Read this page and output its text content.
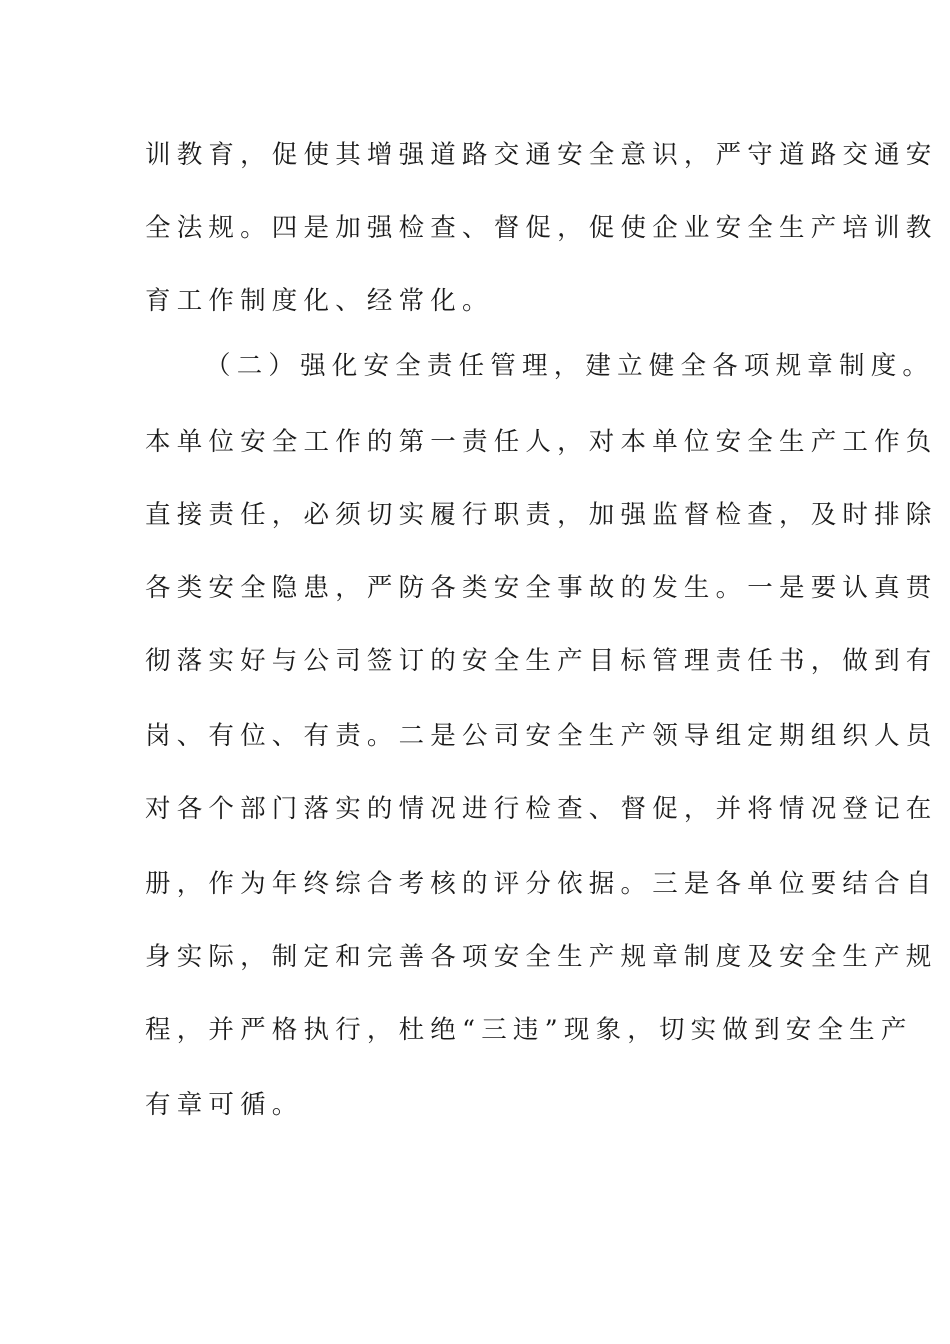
训教育，促使其增强道路交通安全意识，严守道路交通安
全法规。四是加强检查、督促，促使企业安全生产培训教
育工作制度化、经常化。
（二）强化安全责任管理，建立健全各项规章制度。
本单位安全工作的第一责任人，对本单位安全生产工作负
直接责任，必须切实履行职责，加强监督检查，及时排除
各类安全隐患，严防各类安全事故的发生。一是要认真贯
彻落实好与公司签订的安全生产目标管理责任书，做到有
岗、有位、有责。二是公司安全生产领导组定期组织人员
对各个部门落实的情况进行检查、督促，并将情况登记在
册，作为年终综合考核的评分依据。三是各单位要结合自
身实际，制定和完善各项安全生产规章制度及安全生产规
程，并严格执行，杜绝“三违”现象，切实做到安全生产
有章可循。
